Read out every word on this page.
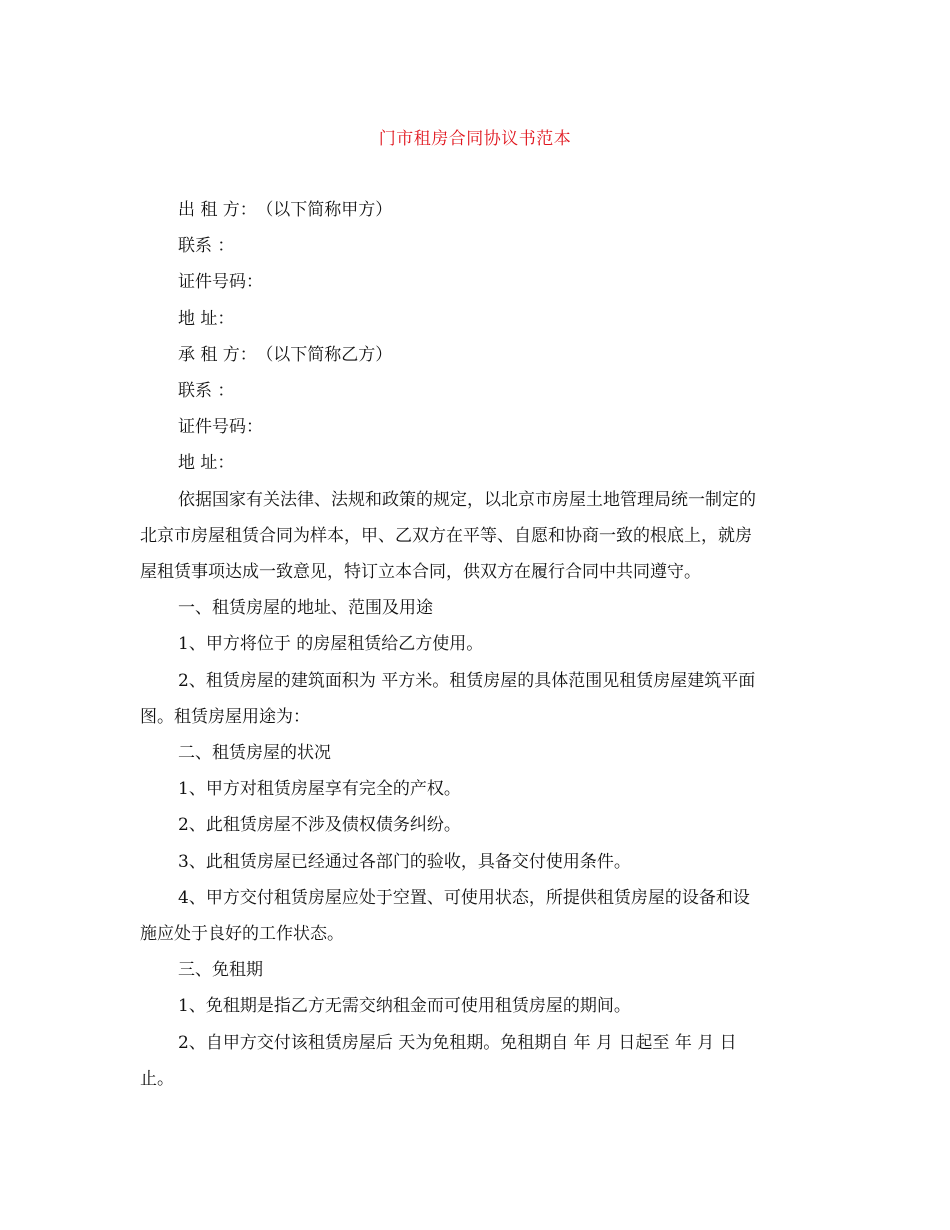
门市租房合同协议书范本

出 租 方： （以下简称甲方）

联系 ：

证件号码：

地 址：

承 租 方： （以下简称乙方）

联系 ：

证件号码：

地 址：

依据国家有关法律、法规和政策的规定，以北京市房屋土地管理局统一制定的

北京市房屋租赁合同为样本，甲、乙双方在平等、自愿和协商一致的根底上，就房

屋租赁事项达成一致意见，特订立本合同，供双方在履行合同中共同遵守。

一、租赁房屋的地址、范围及用途

1、甲方将位于 的房屋租赁给乙方使用。

2、租赁房屋的建筑面积为 平方米。租赁房屋的具体范围见租赁房屋建筑平面

图。租赁房屋用途为：

二、租赁房屋的状况

1、甲方对租赁房屋享有完全的产权。

2、此租赁房屋不涉及债权债务纠纷。

3、此租赁房屋已经通过各部门的验收，具备交付使用条件。

4、甲方交付租赁房屋应处于空置、可使用状态，所提供租赁房屋的设备和设

施应处于良好的工作状态。

三、免租期

1、免租期是指乙方无需交纳租金而可使用租赁房屋的期间。

2、自甲方交付该租赁房屋后 天为免租期。免租期自 年 月 日起至 年 月 日

止。
